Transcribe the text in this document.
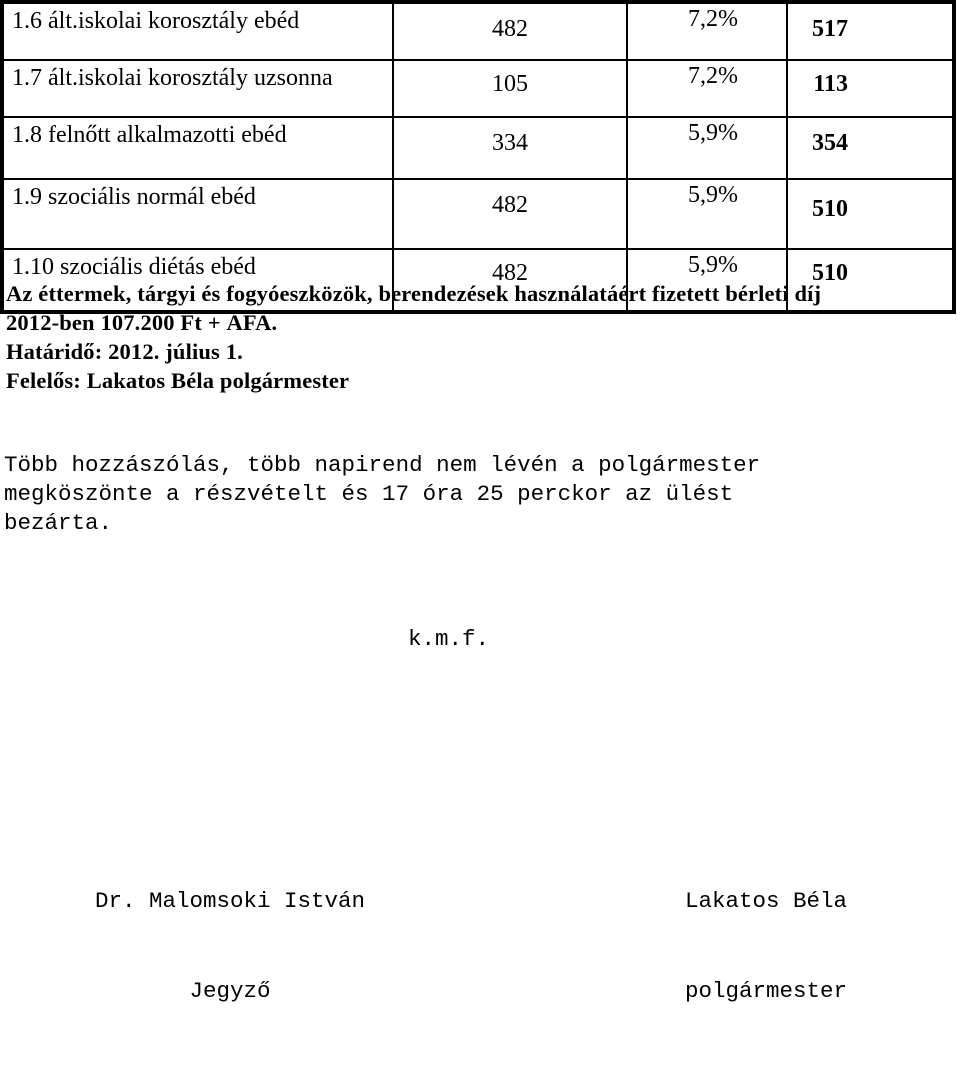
1.6 ált.iskolai korosztály ebéd	482	7,2%	517
1.7 ált.iskolai korosztály uzsonna	105	7,2%	113
1.8 felnőtt alkalmazotti ebéd	334	5,9%	354
1.9 szociális normál ebéd	482	5,9%	510
1.10 szociális diétás ebéd	482	5,9%	510
Az éttermek, tárgyi és fogyóeszközök, berendezések használatáért fizetett bérleti díj
2012-ben 107.200 Ft + ÁFA.
Határidő: 2012. július 1.
Felelős: Lakatos Béla polgármester
Több hozzászólás, több napirend nem lévén a polgármester
megköszönte a részvételt és 17 óra 25 perckor az ülést
bezárta.
k.m.f.

Dr. Malomsoki István

Jegyző

Lakatos Béla

polgármester
